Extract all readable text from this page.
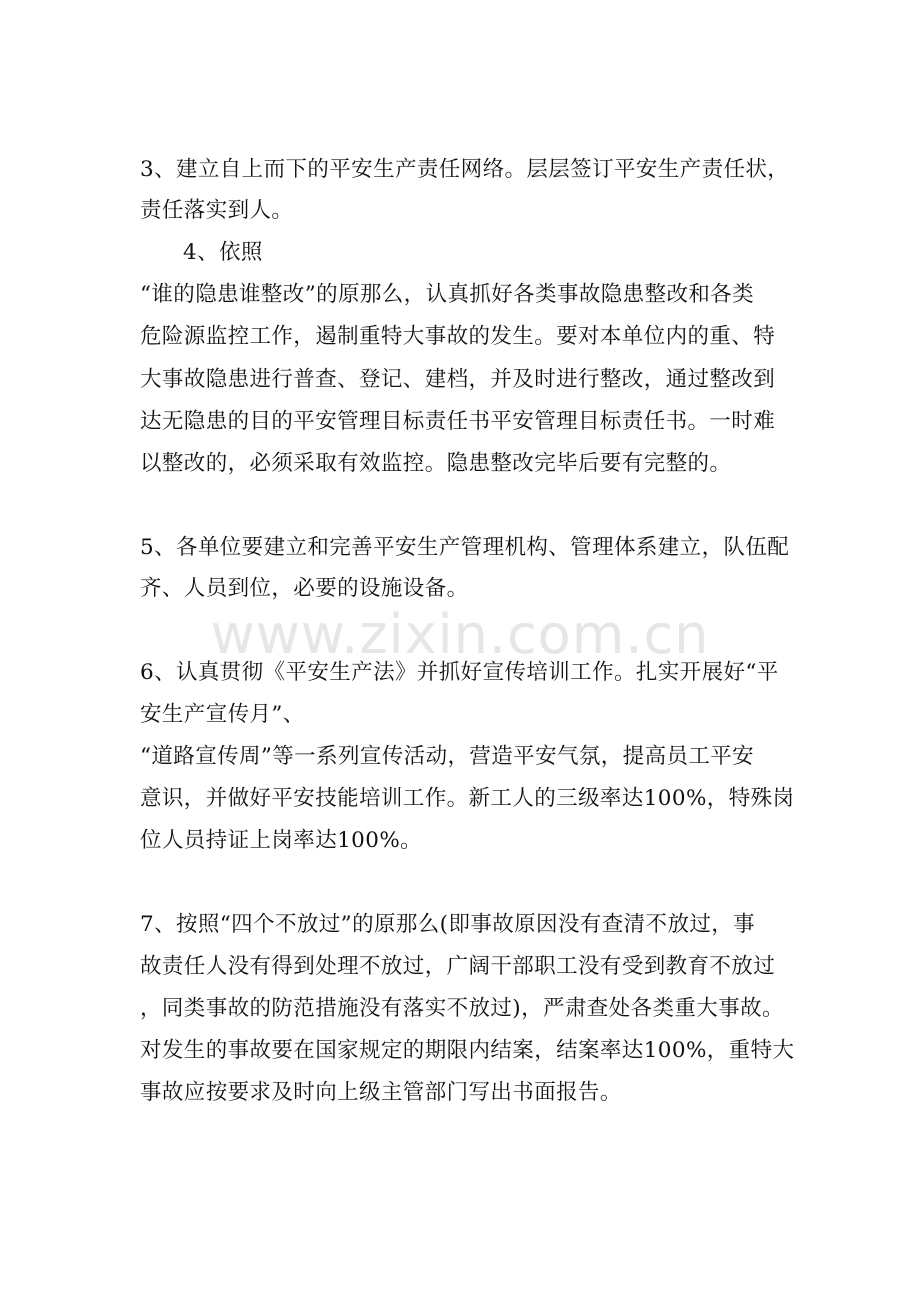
www.zixin.com.cn
3、建立自上而下的平安生产责任网络。层层签订平安生产责任状，
责任落实到人。
4、依照
“谁的隐患谁整改”的原那么，认真抓好各类事故隐患整改和各类
危险源监控工作，遏制重特大事故的发生。要对本单位内的重、特
大事故隐患进行普查、登记、建档，并及时进行整改，通过整改到
达无隐患的目的平安管理目标责任书平安管理目标责任书。一时难
以整改的，必须采取有效监控。隐患整改完毕后要有完整的。
5、各单位要建立和完善平安生产管理机构、管理体系建立，队伍配
齐、人员到位，必要的设施设备。
6、认真贯彻《平安生产法》并抓好宣传培训工作。扎实开展好“平
安生产宣传月”、
“道路宣传周”等一系列宣传活动，营造平安气氛，提高员工平安
意识，并做好平安技能培训工作。新工人的三级率达100%，特殊岗
位人员持证上岗率达100%。
7、按照“四个不放过”的原那么(即事故原因没有查清不放过，事
故责任人没有得到处理不放过，广阔干部职工没有受到教育不放过
，同类事故的防范措施没有落实不放过)，严肃查处各类重大事故。
对发生的事故要在国家规定的期限内结案，结案率达100%，重特大
事故应按要求及时向上级主管部门写出书面报告。
